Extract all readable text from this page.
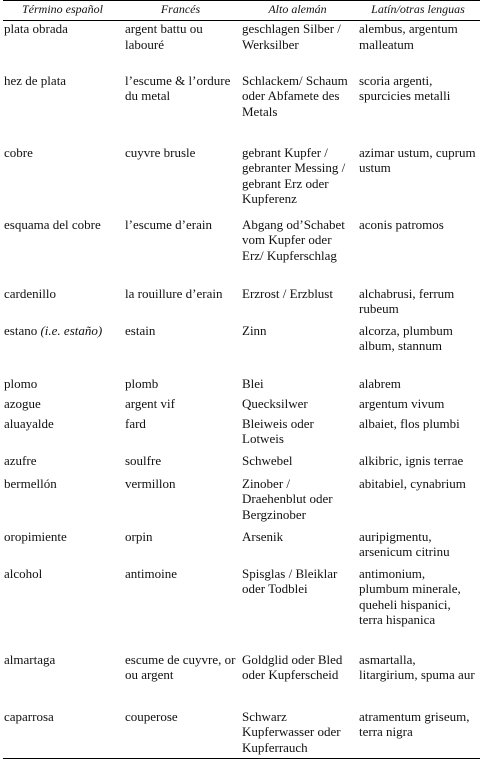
Término español	Francés	Alto alemán	Latín/otras lenguas
plata obrada	argent battu ou labouré	geschlagen Silber / Werksilber	alembus, argentum malleatum
hez de plata	l’escume & l’ordure du metal	Schlackem/ Schaum oder Abfamete des Metals	scoria argenti, spurcicies metalli
cobre	cuyvre brusle	gebrant Kupfer / gebranter Messing / gebrant Erz oder Kupferenz	azimar ustum, cuprum ustum
esquama del cobre	l’escume d’erain	Abgang od’Schabet vom Kupfer oder Erz/ Kupferschlag	aconis patromos
cardenillo	la rouillure d’erain	Erzrost / Erzblust	alchabrusi, ferrum rubeum
estano (i.e. estaño)	estain	Zinn	alcorza, plumbum album, stannum
plomo	plomb	Blei	alabrem
azogue	argent vif	Quecksilwer	argentum vivum
aluayalde	fard	Bleiweis oder Lotweis	albaiet, flos plumbi
azufre	soulfre	Schwebel	alkibric, ignis terrae
bermellón	vermillon	Zinober / Draehenblut oder Bergzinober	abitabiel, cynabrium
oropimiente	orpin	Arsenik	auripigmentu, arsenicum citrinu
alcohol	antimoine	Spisglas / Bleiklar oder Todblei	antimonium, plumbum minerale, queheli hispanici, terra hispanica
almartaga	escume de cuyvre, or ou argent	Goldglid oder Bled oder Kupferscheid	asmartalla, litargirium, spuma aur
caparrosa	couperose	Schwarz Kupferwasser oder Kupferrauch	atramentum griseum, terra nigra
